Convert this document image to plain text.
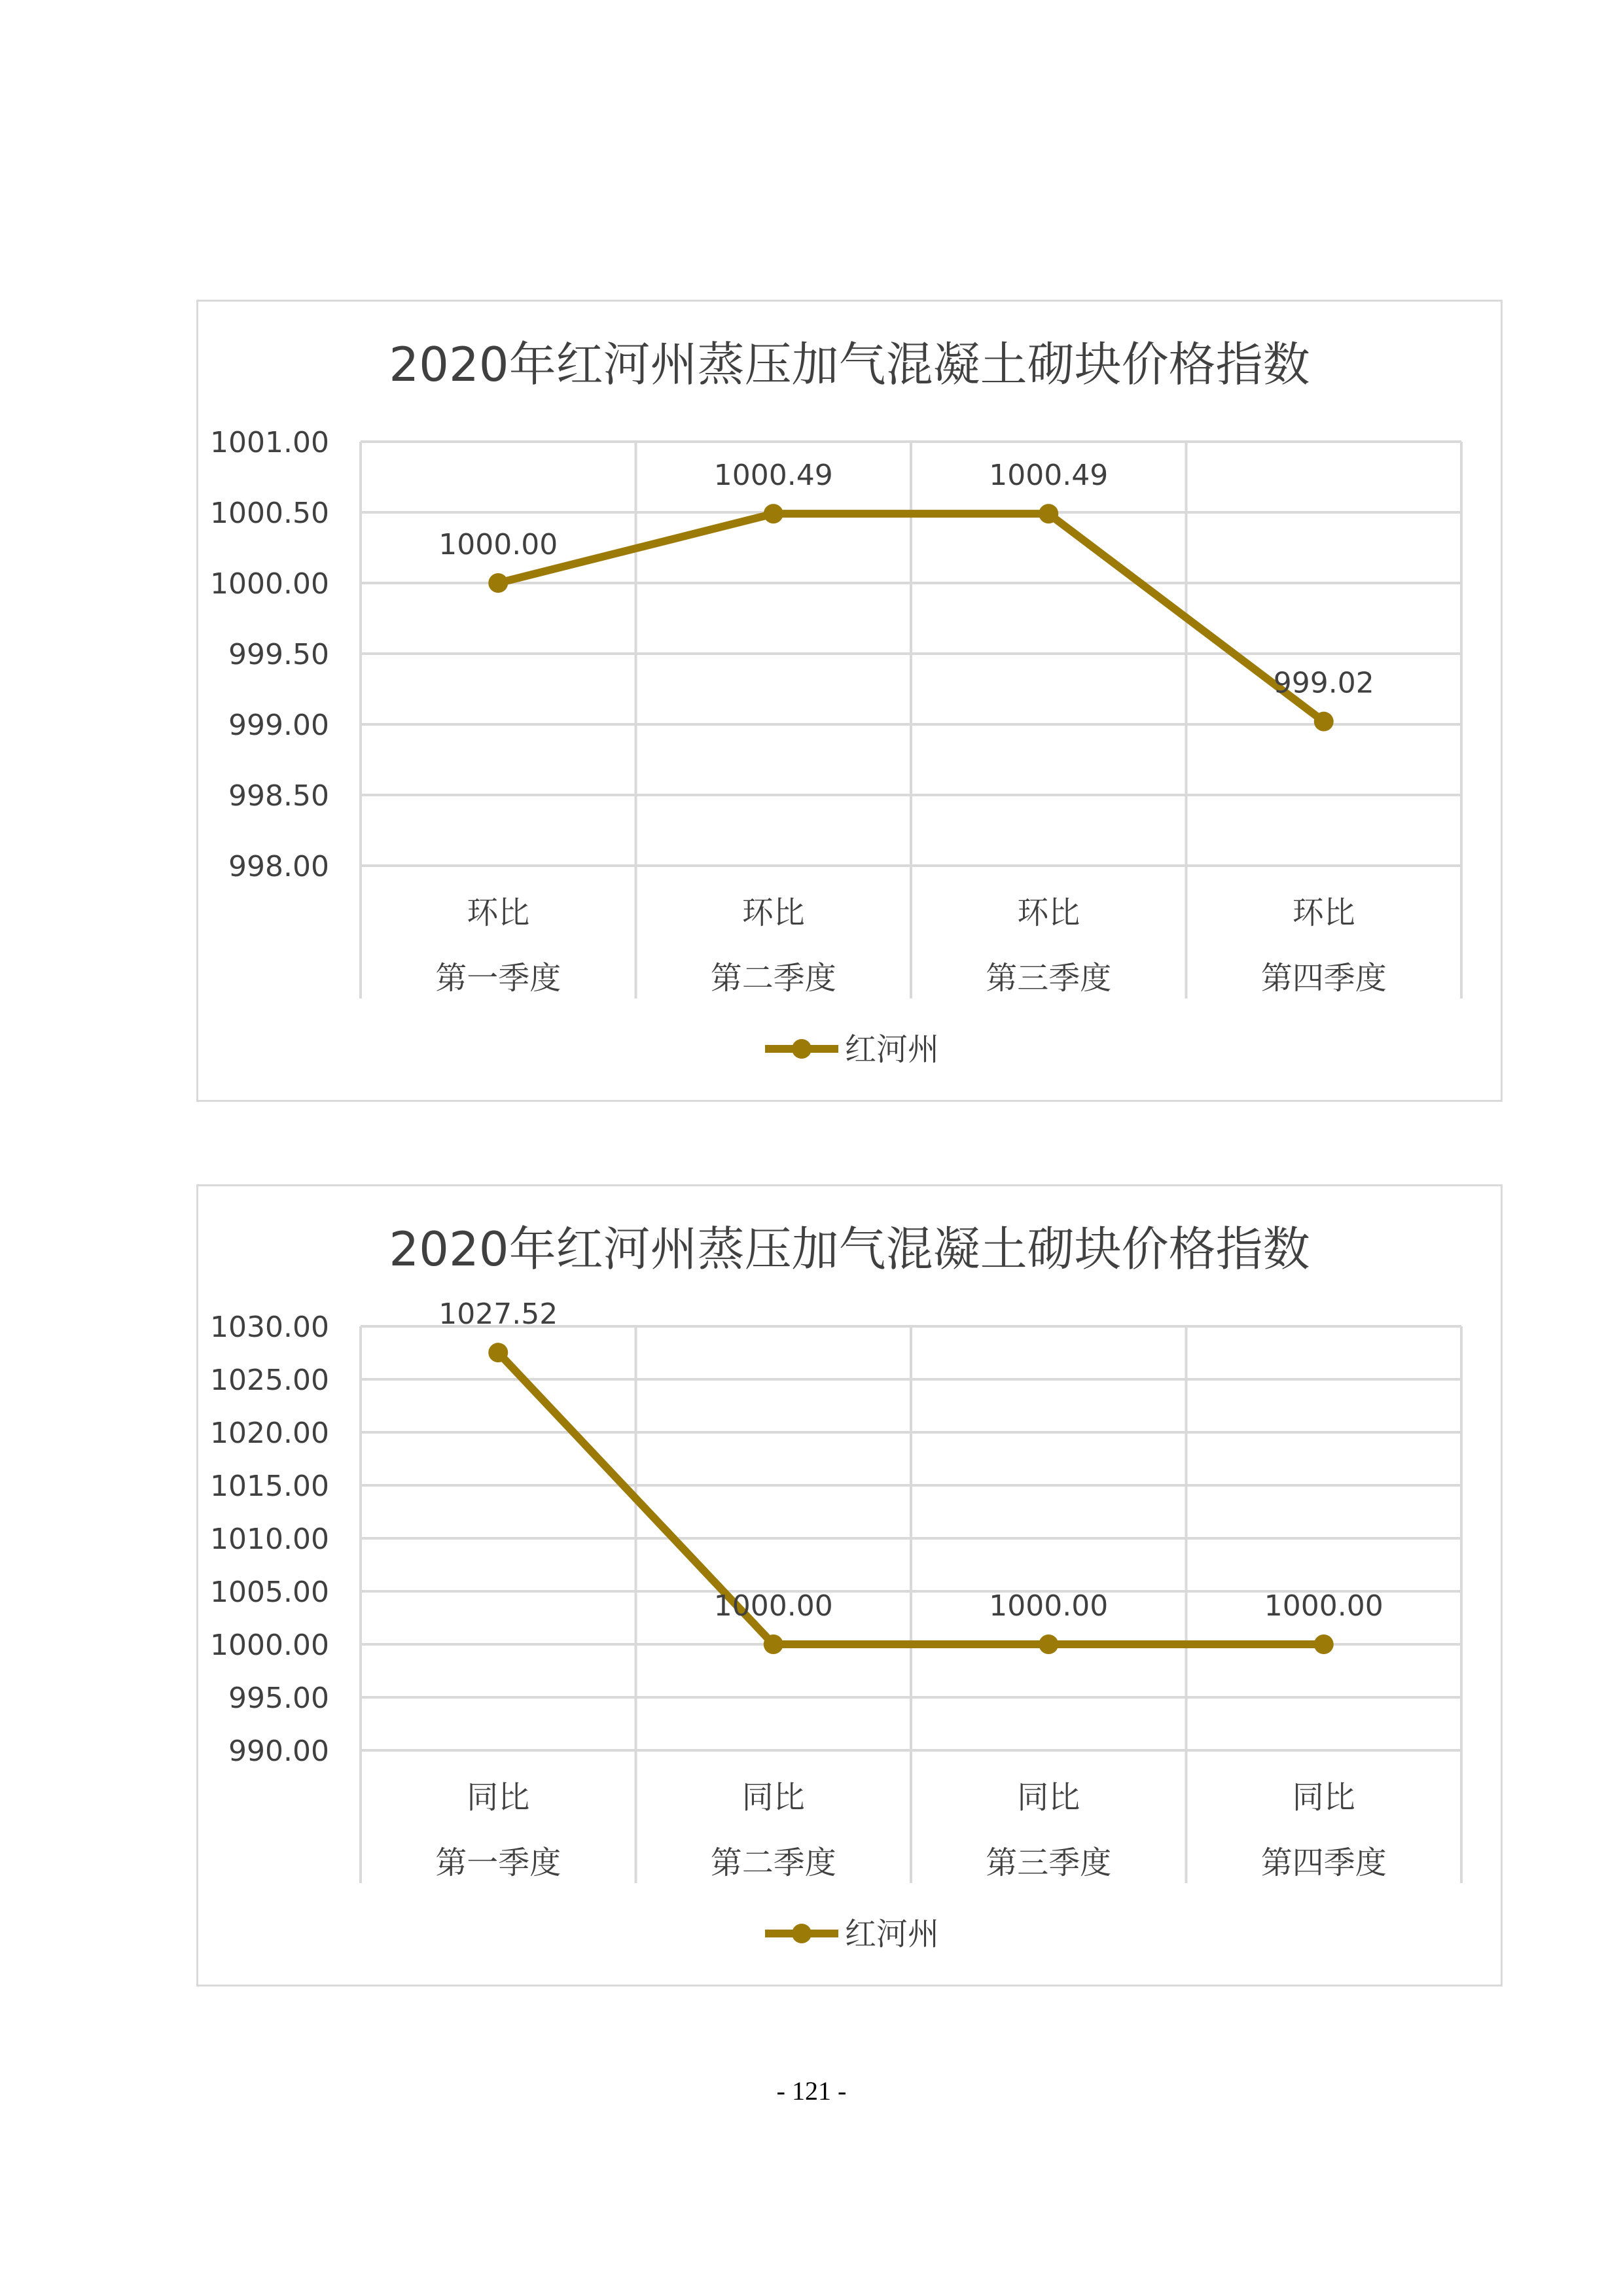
2020年红河州蒸压加气混凝土砌块价格指数
1001.00
1000.50
1000.00
999.50
999.00
998.50
998.00
环比
第一季度
环比
第二季度
环比
第三季度
环比
第四季度
1000.00
1000.49	1000.49
999.02
红河州
2020年红河州蒸压加气混凝土砌块价格指数
1030.00
1025.00
1020.00
1015.00
1010.00
1005.00
1000.00
995.00
990.00
同比
第一季度
同比
第二季度
同比
第三季度
同比
第四季度
1027.52
1000.00	1000.00	1000.00
红河州
- 121 -
